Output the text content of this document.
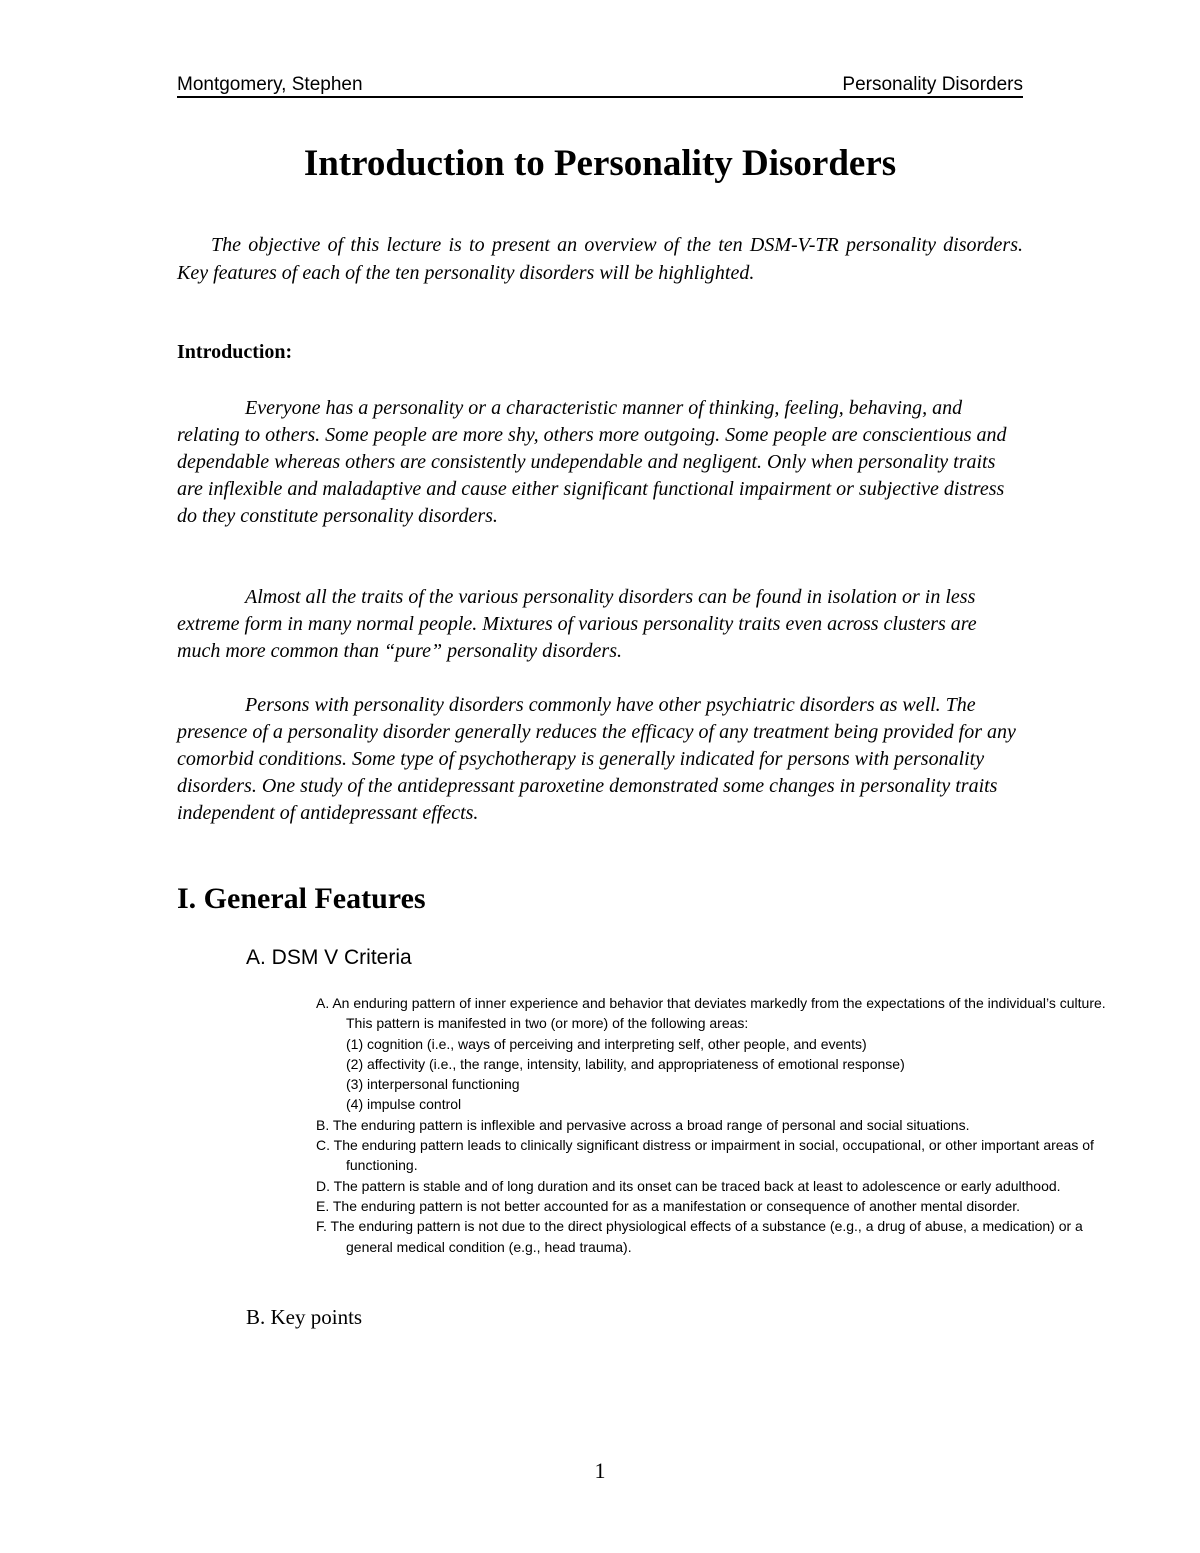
Montgomery, Stephen	Personality Disorders
Introduction to Personality Disorders
The objective of this lecture is to present an overview of the ten DSM-V-TR personality disorders. Key features of each of the ten personality disorders will be highlighted.
Introduction:
Everyone has a personality or a characteristic manner of thinking, feeling, behaving, and relating to others. Some people are more shy, others more outgoing. Some people are conscientious and dependable whereas others are consistently undependable and negligent. Only when personality traits are inflexible and maladaptive and cause either significant functional impairment or subjective distress do they constitute personality disorders.
Almost all the traits of the various personality disorders can be found in isolation or in less extreme form in many normal people. Mixtures of various personality traits even across clusters are much more common than “pure” personality disorders.
Persons with personality disorders commonly have other psychiatric disorders as well. The presence of a personality disorder generally reduces the efficacy of any treatment being provided for any comorbid conditions. Some type of psychotherapy is generally indicated for persons with personality disorders. One study of the antidepressant paroxetine demonstrated some changes in personality traits independent of antidepressant effects.
I. General Features
A. DSM V Criteria

A. An enduring pattern of inner experience and behavior that deviates markedly from the expectations of the individual’s culture. This pattern is manifested in two (or more) of the following areas:

(1) cognition (i.e., ways of perceiving and interpreting self, other people, and events)

(2) affectivity (i.e., the range, intensity, lability, and appropriateness of emotional response)

(3) interpersonal functioning

(4) impulse control

B. The enduring pattern is inflexible and pervasive across a broad range of personal and social situations.

C. The enduring pattern leads to clinically significant distress or impairment in social, occupational, or other important areas of functioning.

D. The pattern is stable and of long duration and its onset can be traced back at least to adolescence or early adulthood.

E. The enduring pattern is not better accounted for as a manifestation or consequence of another mental disorder.

F. The enduring pattern is not due to the direct physiological effects of a substance (e.g., a drug of abuse, a medication) or a general medical condition (e.g., head trauma).

B. Key points
1
